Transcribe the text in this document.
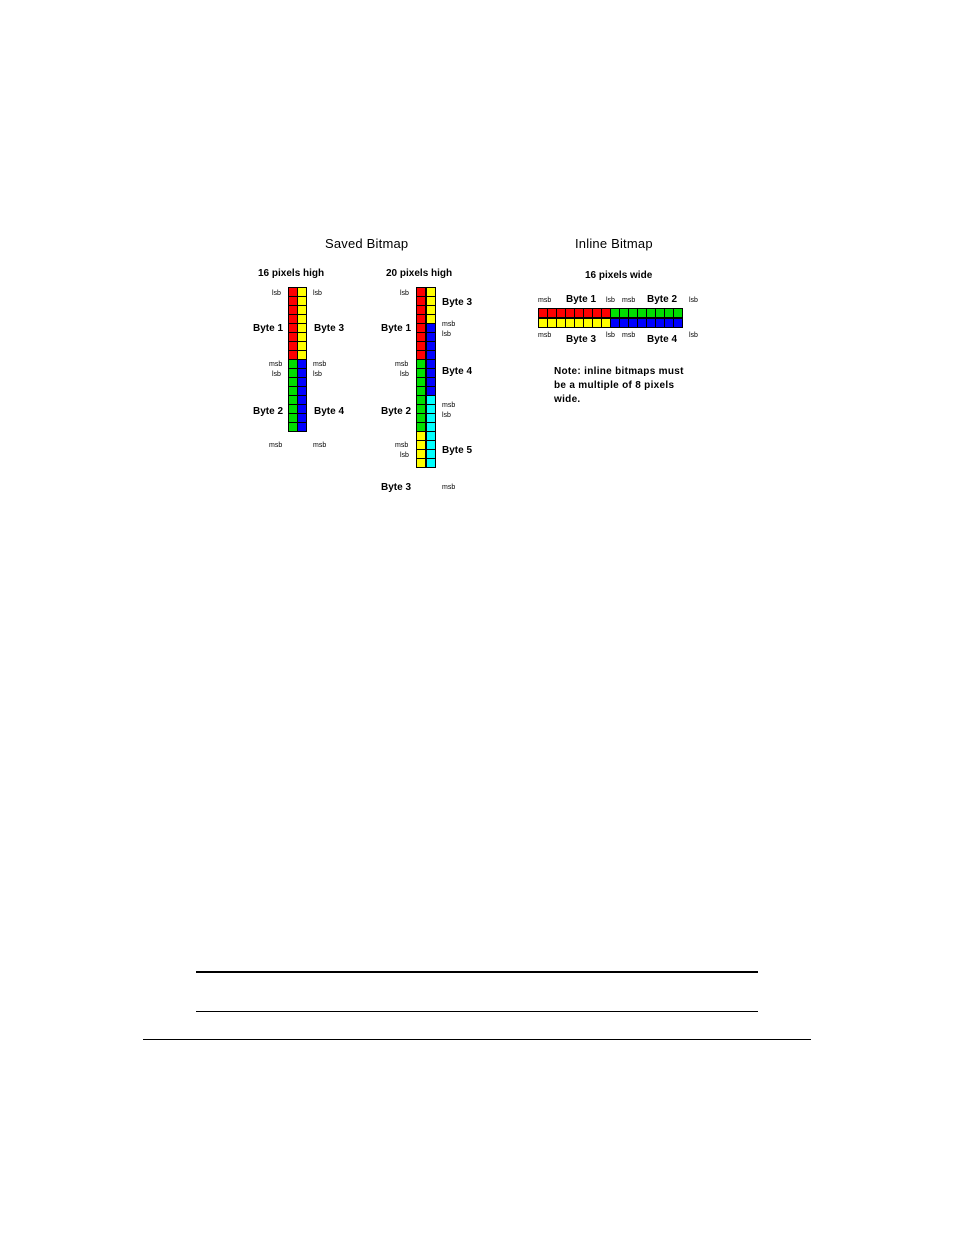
Saved Bitmap	Inline Bitmap
16 pixels high
lsb	lsb
Byte 1	Byte 3
msb
lsb
msb
lsb
Byte 2	Byte 4
msb	msb
20 pixels high
lsb
Byte 3
msb
lsb
Byte 1
Byte 4
msb
lsb
msb
lsb
Byte 2
msb
lsb	Byte 5
Byte 3	msb
16 pixels wide
msb Byte 1 lsb msb Byte 2 lsb
msb Byte 3 lsb msb Byte 4 lsb
Note: inline bitmaps must
be a multiple of 8 pixels
wide.
